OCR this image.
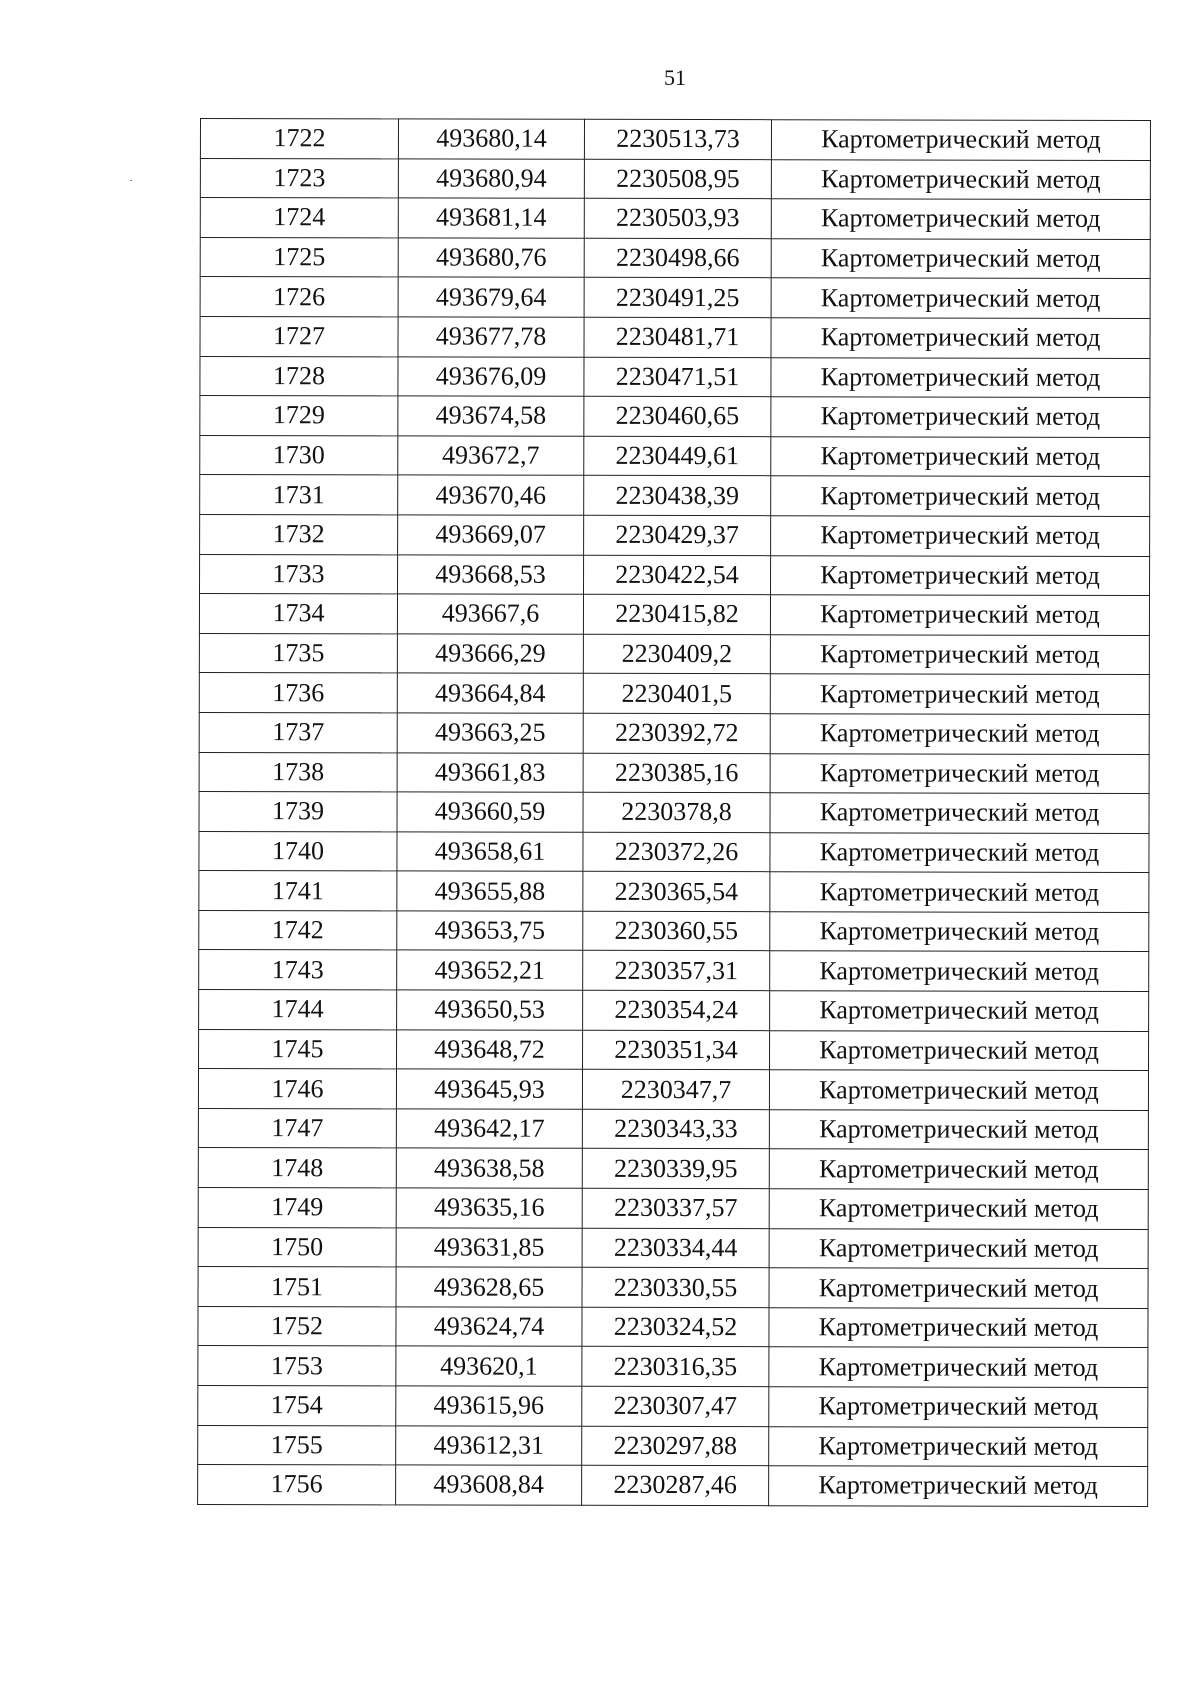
51
1722	493680,14	2230513,73	Картометрический метод
1723	493680,94	2230508,95	Картометрический метод
1724	493681,14	2230503,93	Картометрический метод
1725	493680,76	2230498,66	Картометрический метод
1726	493679,64	2230491,25	Картометрический метод
1727	493677,78	2230481,71	Картометрический метод
1728	493676,09	2230471,51	Картометрический метод
1729	493674,58	2230460,65	Картометрический метод
1730	493672,7	2230449,61	Картометрический метод
1731	493670,46	2230438,39	Картометрический метод
1732	493669,07	2230429,37	Картометрический метод
1733	493668,53	2230422,54	Картометрический метод
1734	493667,6	2230415,82	Картометрический метод
1735	493666,29	2230409,2	Картометрический метод
1736	493664,84	2230401,5	Картометрический метод
1737	493663,25	2230392,72	Картометрический метод
1738	493661,83	2230385,16	Картометрический метод
1739	493660,59	2230378,8	Картометрический метод
1740	493658,61	2230372,26	Картометрический метод
1741	493655,88	2230365,54	Картометрический метод
1742	493653,75	2230360,55	Картометрический метод
1743	493652,21	2230357,31	Картометрический метод
1744	493650,53	2230354,24	Картометрический метод
1745	493648,72	2230351,34	Картометрический метод
1746	493645,93	2230347,7	Картометрический метод
1747	493642,17	2230343,33	Картометрический метод
1748	493638,58	2230339,95	Картометрический метод
1749	493635,16	2230337,57	Картометрический метод
1750	493631,85	2230334,44	Картометрический метод
1751	493628,65	2230330,55	Картометрический метод
1752	493624,74	2230324,52	Картометрический метод
1753	493620,1	2230316,35	Картометрический метод
1754	493615,96	2230307,47	Картометрический метод
1755	493612,31	2230297,88	Картометрический метод
1756	493608,84	2230287,46	Картометрический метод
